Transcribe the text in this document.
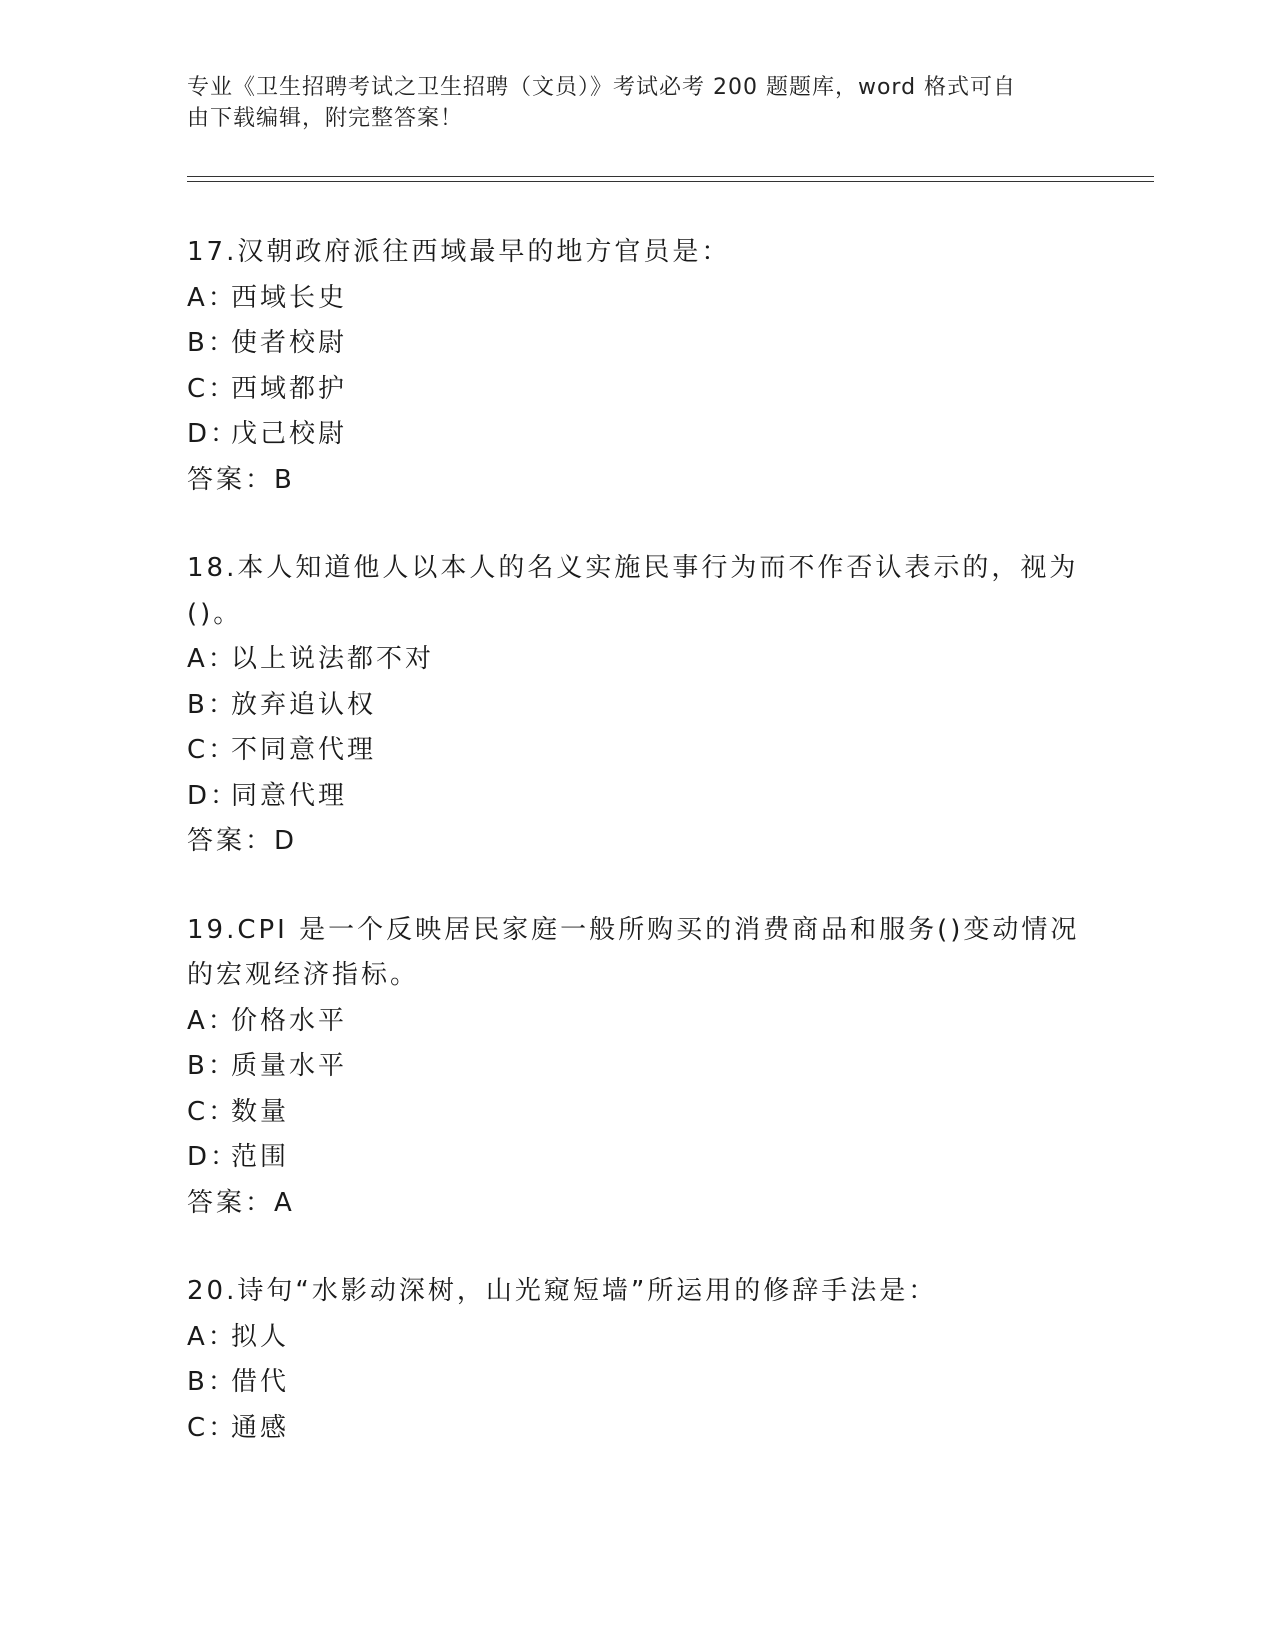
专业《卫生招聘考试之卫生招聘（文员）》考试必考 200 题题库，word 格式可自
由下载编辑，附完整答案！
17.汉朝政府派往西域最早的地方官员是：
A：西域长史
B：使者校尉
C：西域都护
D：戊己校尉
答案：B
18.本人知道他人以本人的名义实施民事行为而不作否认表示的，视为
()。
A：以上说法都不对
B：放弃追认权
C：不同意代理
D：同意代理
答案：D
19.CPI 是一个反映居民家庭一般所购买的消费商品和服务()变动情况
的宏观经济指标。
A：价格水平
B：质量水平
C：数量
D：范围
答案：A
20.诗句“水影动深树，山光窥短墙”所运用的修辞手法是：
A：拟人
B：借代
C：通感
